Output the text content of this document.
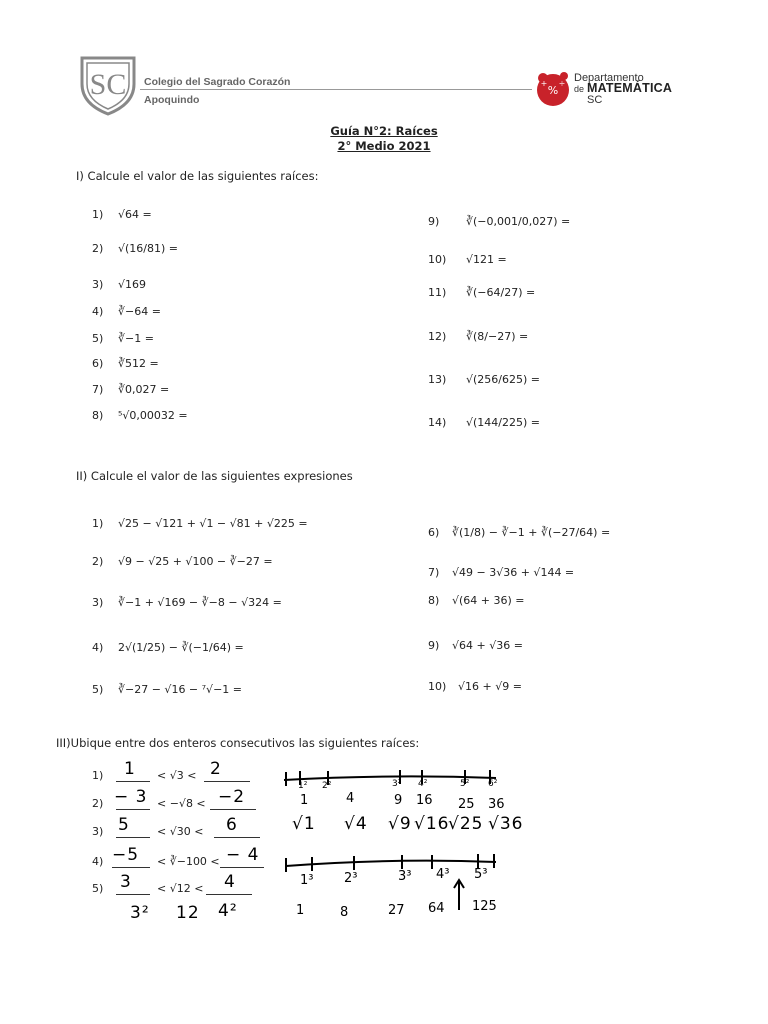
SC Colegio del Sagrado Corazón
Apoquindo
%
+ ÷ Departamento
de MATEMÁTICA
SC
Guía N°2: Raíces
2° Medio 2021
I) Calcule el valor de las siguientes raíces:
1) √64 =
2) √(16/81) =
3) √169
4) ∛−64 =
5) ∛−1 =
6) ∛512 =
7) ∛0,027 =
8) ⁵√0,00032 =
9) ∛(−0,001/0,027) =
10) √121 =
11) ∛(−64/27) =
12) ∛(8/−27) =
13) √(256/625) =
14) √(144/225) =
II) Calcule el valor de las siguientes expresiones
1) √25 − √121 + √1 − √81 + √225 =
2) √9 − √25 + √100 − ∛−27 =
3) ∛−1 + √169 − ∛−8 − √324 =
4) 2√(1/25) − ∛(−1/64) =
5) ∛−27 − √16 − ⁷√−1 =
6) ∛(1/8) − ∛−1 + ∛(−27/64) =
7) √49 − 3√36 + √144 =
8) √(64 + 36) =
9) √64 + √36 =
10) √16 + √9 =
III)Ubique entre dos enteros consecutivos las siguientes raíces:
1) 1 < √3 < 2
2) − 3 < −√8 < −2
3) 5 < √30 < 6
4) −5 < ∛−100 < − 4
5) 3 < √12 < 4
3² 12 4²
1² 2²	3² 4²	5² 6²
1	4	9 16 25 36
√1 √4 √9 √16
√25 √36
1³ 2³	3³ 4³ 5³
1	8	27 64 125
